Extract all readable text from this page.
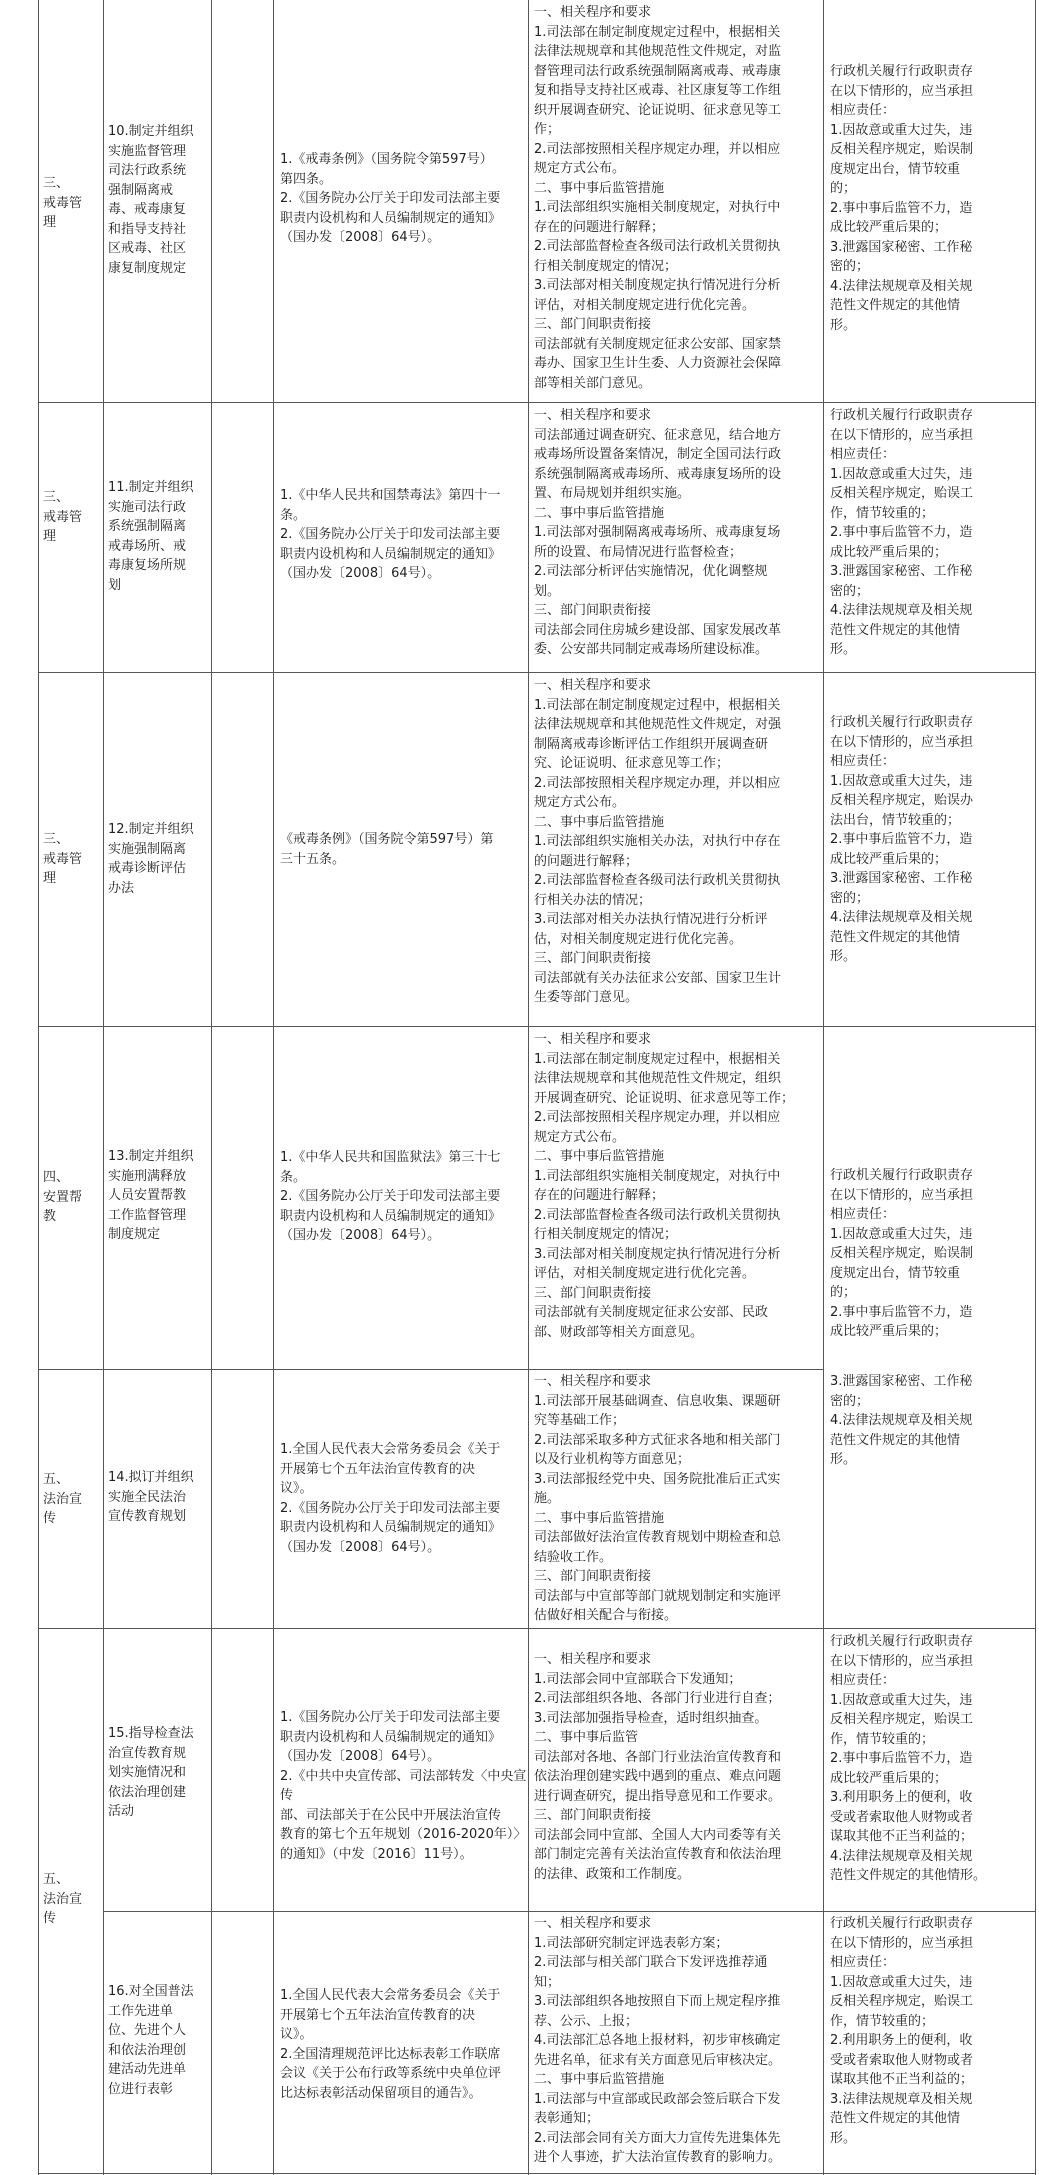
三、
戒毒管
理
10.制定并组织
实施监督管理
司法行政系统
强制隔离戒
毒、戒毒康复
和指导支持社
区戒毒、社区
康复制度规定
1.《戒毒条例》（国务院令第597号）
第四条。
2.《国务院办公厅关于印发司法部主要
职责内设机构和人员编制规定的通知》
（国办发〔2008〕64号）。
一、相关程序和要求
1.司法部在制定制度规定过程中，根据相关
法律法规规章和其他规范性文件规定，对监
督管理司法行政系统强制隔离戒毒、戒毒康
复和指导支持社区戒毒、社区康复等工作组
织开展调查研究、论证说明、征求意见等工
作；
2.司法部按照相关程序规定办理，并以相应
规定方式公布。
二、事中事后监管措施
1.司法部组织实施相关制度规定，对执行中
存在的问题进行解释；
2.司法部监督检查各级司法行政机关贯彻执
行相关制度规定的情况；
3.司法部对相关制度规定执行情况进行分析
评估，对相关制度规定进行优化完善。
三、部门间职责衔接
司法部就有关制度规定征求公安部、国家禁
毒办、国家卫生计生委、人力资源社会保障
部等相关部门意见。
行政机关履行行政职责存
在以下情形的，应当承担
相应责任：
1.因故意或重大过失，违
反相关程序规定，贻误制
度规定出台，情节较重
的；
2.事中事后监管不力，造
成比较严重后果的；
3.泄露国家秘密、工作秘
密的；
4.法律法规规章及相关规
范性文件规定的其他情
形。
三、
戒毒管
理
11.制定并组织
实施司法行政
系统强制隔离
戒毒场所、戒
毒康复场所规
划
1.《中华人民共和国禁毒法》第四十一
条。
2.《国务院办公厅关于印发司法部主要
职责内设机构和人员编制规定的通知》
（国办发〔2008〕64号）。
一、相关程序和要求
司法部通过调查研究、征求意见，结合地方
戒毒场所设置备案情况，制定全国司法行政
系统强制隔离戒毒场所、戒毒康复场所的设
置、布局规划并组织实施。
二、事中事后监管措施
1.司法部对强制隔离戒毒场所、戒毒康复场
所的设置、布局情况进行监督检查；
2.司法部分析评估实施情况，优化调整规
划。
三、部门间职责衔接
司法部会同住房城乡建设部、国家发展改革
委、公安部共同制定戒毒场所建设标准。
行政机关履行行政职责存
在以下情形的，应当承担
相应责任：
1.因故意或重大过失，违
反相关程序规定，贻误工
作，情节较重的；
2.事中事后监管不力，造
成比较严重后果的；
3.泄露国家秘密、工作秘
密的；
4.法律法规规章及相关规
范性文件规定的其他情
形。
三、
戒毒管
理
12.制定并组织
实施强制隔离
戒毒诊断评估
办法
《戒毒条例》（国务院令第597号）第
三十五条。
一、相关程序和要求
1.司法部在制定制度规定过程中，根据相关
法律法规规章和其他规范性文件规定，对强
制隔离戒毒诊断评估工作组织开展调查研
究、论证说明、征求意见等工作；
2.司法部按照相关程序规定办理，并以相应
规定方式公布。
二、事中事后监管措施
1.司法部组织实施相关办法，对执行中存在
的问题进行解释；
2.司法部监督检查各级司法行政机关贯彻执
行相关办法的情况；
3.司法部对相关办法执行情况进行分析评
估，对相关制度规定进行优化完善。
三、部门间职责衔接
司法部就有关办法征求公安部、国家卫生计
生委等部门意见。
行政机关履行行政职责存
在以下情形的，应当承担
相应责任：
1.因故意或重大过失，违
反相关程序规定，贻误办
法出台，情节较重的；
2.事中事后监管不力，造
成比较严重后果的；
3.泄露国家秘密、工作秘
密的；
4.法律法规规章及相关规
范性文件规定的其他情
形。
四、
安置帮
教
13.制定并组织
实施刑满释放
人员安置帮教
工作监督管理
制度规定
1.《中华人民共和国监狱法》第三十七
条。
2.《国务院办公厅关于印发司法部主要
职责内设机构和人员编制规定的通知》
（国办发〔2008〕64号）。
一、相关程序和要求
1.司法部在制定制度规定过程中，根据相关
法律法规规章和其他规范性文件规定，组织
开展调查研究、论证说明、征求意见等工作；
2.司法部按照相关程序规定办理，并以相应
规定方式公布。
二、事中事后监管措施
1.司法部组织实施相关制度规定，对执行中
存在的问题进行解释；
2.司法部监督检查各级司法行政机关贯彻执
行相关制度规定的情况；
3.司法部对相关制度规定执行情况进行分析
评估，对相关制度规定进行优化完善。
三、部门间职责衔接
司法部就有关制度规定征求公安部、民政
部、财政部等相关方面意见。
行政机关履行行政职责存
在以下情形的，应当承担
相应责任：
1.因故意或重大过失，违
反相关程序规定，贻误制
度规定出台，情节较重
的；
2.事中事后监管不力，造
成比较严重后果的；
五、
法治宣
传
14.拟订并组织
实施全民法治
宣传教育规划
1.全国人民代表大会常务委员会《关于
开展第七个五年法治宣传教育的决
议》。
2.《国务院办公厅关于印发司法部主要
职责内设机构和人员编制规定的通知》
（国办发〔2008〕64号）。
一、相关程序和要求
1.司法部开展基础调查、信息收集、课题研
究等基础工作；
2.司法部采取多种方式征求各地和相关部门
以及行业机构等方面意见；
3.司法部报经党中央、国务院批准后正式实
施。
二、事中事后监管措施
司法部做好法治宣传教育规划中期检查和总
结验收工作。
三、部门间职责衔接
司法部与中宣部等部门就规划制定和实施评
估做好相关配合与衔接。
3.泄露国家秘密、工作秘
密的；
4.法律法规规章及相关规
范性文件规定的其他情
形。
15.指导检查法
治宣传教育规
划实施情况和
依法治理创建
活动
1.《国务院办公厅关于印发司法部主要
职责内设机构和人员编制规定的通知》
（国办发〔2008〕64号）。
2.《中共中央宣传部、司法部转发〈中央宣传
部、司法部关于在公民中开展法治宣传
教育的第七个五年规划（2016-2020年）〉
的通知》（中发〔2016〕11号）。
一、相关程序和要求
1.司法部会同中宣部联合下发通知；
2.司法部组织各地、各部门行业进行自查；
3.司法部加强指导检查，适时组织抽查。
二、事中事后监管
司法部对各地、各部门行业法治宣传教育和
依法治理创建实践中遇到的重点、难点问题
进行调查研究，提出指导意见和工作要求。
三、部门间职责衔接
司法部会同中宣部、全国人大内司委等有关
部门制定完善有关法治宣传教育和依法治理
的法律、政策和工作制度。
行政机关履行行政职责存
在以下情形的，应当承担
相应责任：
1.因故意或重大过失，违
反相关程序规定，贻误工
作，情节较重的；
2.事中事后监管不力，造
成比较严重后果的；
3.利用职务上的便利，收
受或者索取他人财物或者
谋取其他不正当利益的；
4.法律法规规章及相关规
范性文件规定的其他情形。
五、
法治宣
传
16.对全国普法
工作先进单
位、先进个人
和依法治理创
建活动先进单
位进行表彰
1.全国人民代表大会常务委员会《关于
开展第七个五年法治宣传教育的决
议》。
2.全国清理规范评比达标表彰工作联席
会议《关于公布行政等系统中央单位评
比达标表彰活动保留项目的通告》。
一、相关程序和要求
1.司法部研究制定评选表彰方案；
2.司法部与相关部门联合下发评选推荐通
知；
3.司法部组织各地按照自下而上规定程序推
荐、公示、上报；
4.司法部汇总各地上报材料，初步审核确定
先进名单，征求有关方面意见后审核决定。
二、事中事后监管措施
1.司法部与中宣部或民政部会签后联合下发
表彰通知；
2.司法部会同有关方面大力宣传先进集体先
进个人事迹，扩大法治宣传教育的影响力。
行政机关履行行政职责存
在以下情形的，应当承担
相应责任：
1.因故意或重大过失，违
反相关程序规定，贻误工
作，情节较重的；
2.利用职务上的便利，收
受或者索取他人财物或者
谋取其他不正当利益的；
3.法律法规规章及相关规
范性文件规定的其他情
形。
